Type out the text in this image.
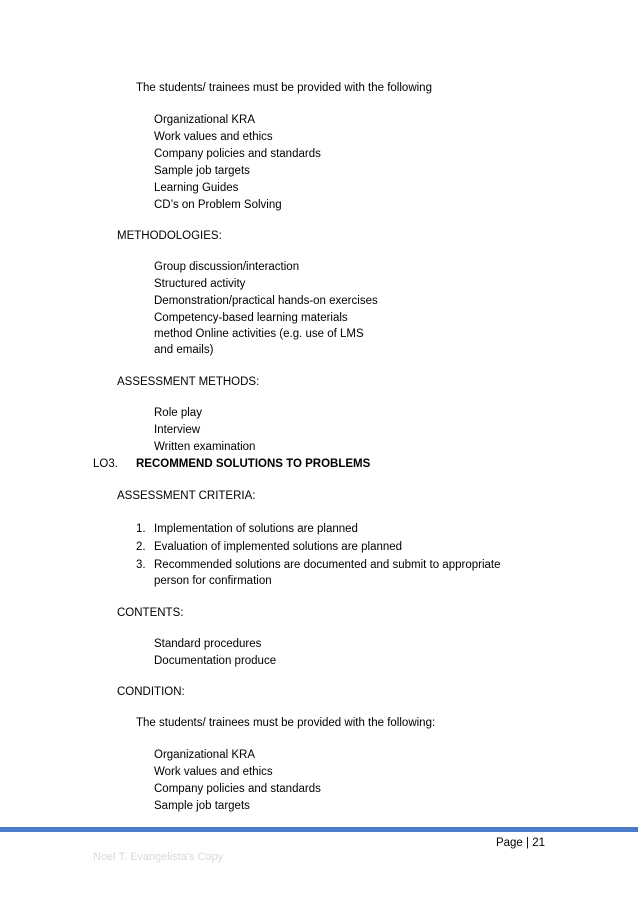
The students/ trainees must be provided with the following
Organizational KRA
Work values and ethics
Company policies and standards
Sample job targets
Learning Guides
CD’s on Problem Solving
METHODOLOGIES:
Group discussion/interaction
Structured activity
Demonstration/practical hands-on exercises
Competency-based learning materials
method Online activities (e.g. use of LMS
and emails)
ASSESSMENT METHODS:
Role play
Interview
Written examination
LO3. RECOMMEND SOLUTIONS TO PROBLEMS
ASSESSMENT CRITERIA:
1. Implementation of solutions are planned
2. Evaluation of implemented solutions are planned
3. Recommended solutions are documented and submit to appropriate
person for confirmation
CONTENTS:
Standard procedures
Documentation produce
CONDITION:
The students/ trainees must be provided with the following:
Organizational KRA
Work values and ethics
Company policies and standards
Sample job targets
Page | 21
Noel T. Evangelista's Copy
